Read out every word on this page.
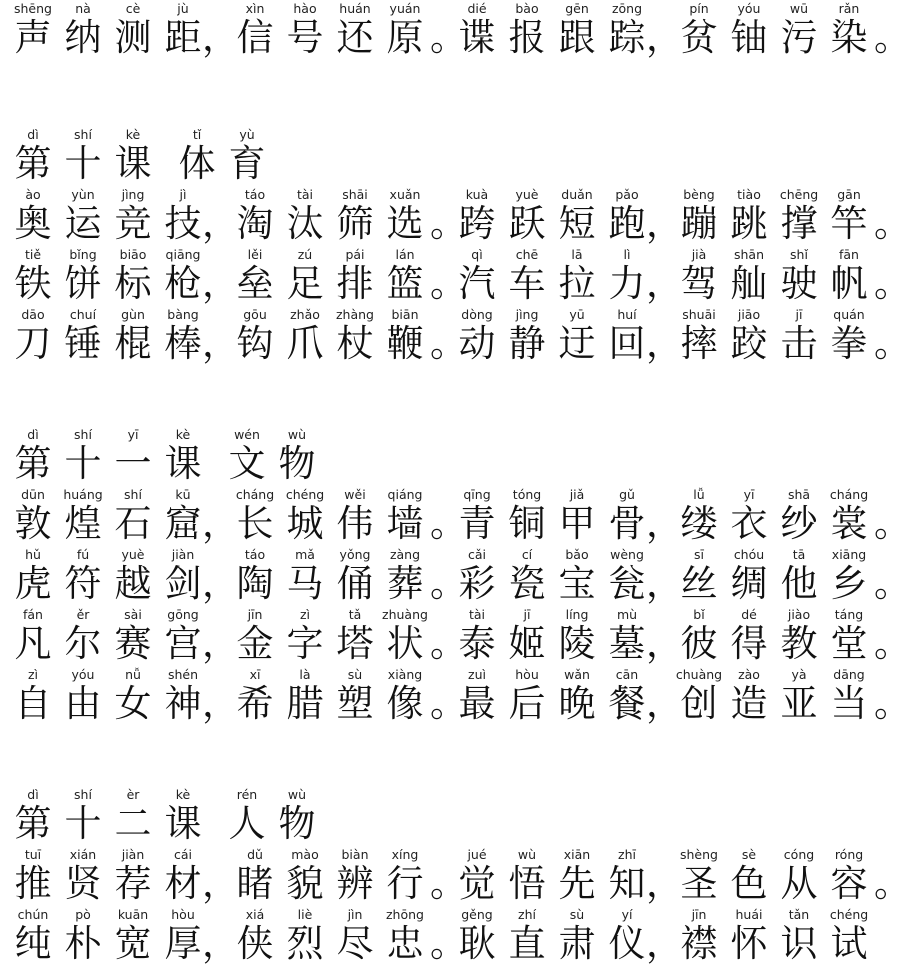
shēng	nà	cè	jù	xìn	hào	huán	yuán	dié	bào	gēn	zōng	pín	yóu	wū	rǎn
声 纳 测 距 ，
信 号 还 原 。
谍 报 跟 踪 ，
贫 铀 污 染 。
dì	shí	kè	tǐ	yù
第 十 课 体 育
ào	yùn	jìng	jì	táo	tài	shāi	xuǎn	kuà	yuè	duǎn	pǎo	bèng	tiào	chēng	gān
奥 运 竞 技 ，
淘 汰 筛 选 。
跨 跃 短 跑 ，
蹦 跳 撑 竿 。
tiě	bǐng	biāo	qiāng	lěi	zú	pái	lán	qì	chē	lā	lì	jià	shān	shǐ	fān
铁 饼 标 枪 ，
垒 足 排 篮 。
汽 车 拉 力 ，
驾 舢 驶 帆 。
dāo	chuí	gùn	bàng	gōu	zhǎo	zhàng	biān	dòng	jìng	yū	huí	shuāi	jiāo	jī	quán
刀 锤 棍 棒 ，
钩 爪 杖 鞭 。
动 静 迂 回 ，
摔 跤 击 拳 。
dì	shí	yī	kè	wén	wù
第 十 一 课 文 物
dūn	huáng	shí	kū	cháng chéng	wěi	qiáng	qīng	tóng	jiǎ	gǔ	lǚ	yī	shā	cháng
敦 煌 石 窟 ，
长 城 伟 墙 。
青 铜 甲 骨 ，
缕 衣 纱 裳 。
hǔ	fú	yuè	jiàn	táo	mǎ	yǒng	zàng	cǎi	cí	bǎo	wèng	sī	chóu	tā	xiāng
虎 符 越 剑 ，
陶 马 俑 葬 。
彩 瓷 宝 瓮 ，
丝 绸 他 乡 。
fán	ěr	sài	gōng	jīn	zì	tǎ	zhuàng	tài	jī	líng	mù	bǐ	dé	jiào	táng
凡 尔 赛 宫 ，
金 字 塔 状 。
泰 姬 陵 墓 ，
彼 得 教 堂 。
zì	yóu	nǚ	shén	xī	là	sù	xiàng	zuì	hòu	wǎn	cān	chuàng	zào	yà	dāng
自 由 女 神 ，
希 腊 塑 像 。
最 后 晚 餐 ，
创 造 亚 当 。
dì	shí	èr	kè	rén	wù
第 十 二 课 人 物
tuī	xián	jiàn	cái	dǔ	mào	biàn	xíng	jué	wù	xiān	zhī	shèng	sè	cóng	róng
推 贤 荐 材 ，
睹 貌 辨 行 。
觉 悟 先 知 ，
圣 色 从 容 。
chún	pò	kuān	hòu	xiá	liè	jìn	zhōng	gěng	zhí	sù	yí	jīn	huái	tǎn	chéng
纯 朴 宽 厚 ，
侠 烈 尽 忠 。
耿 直 肃 仪 ，
襟 怀 识 试
